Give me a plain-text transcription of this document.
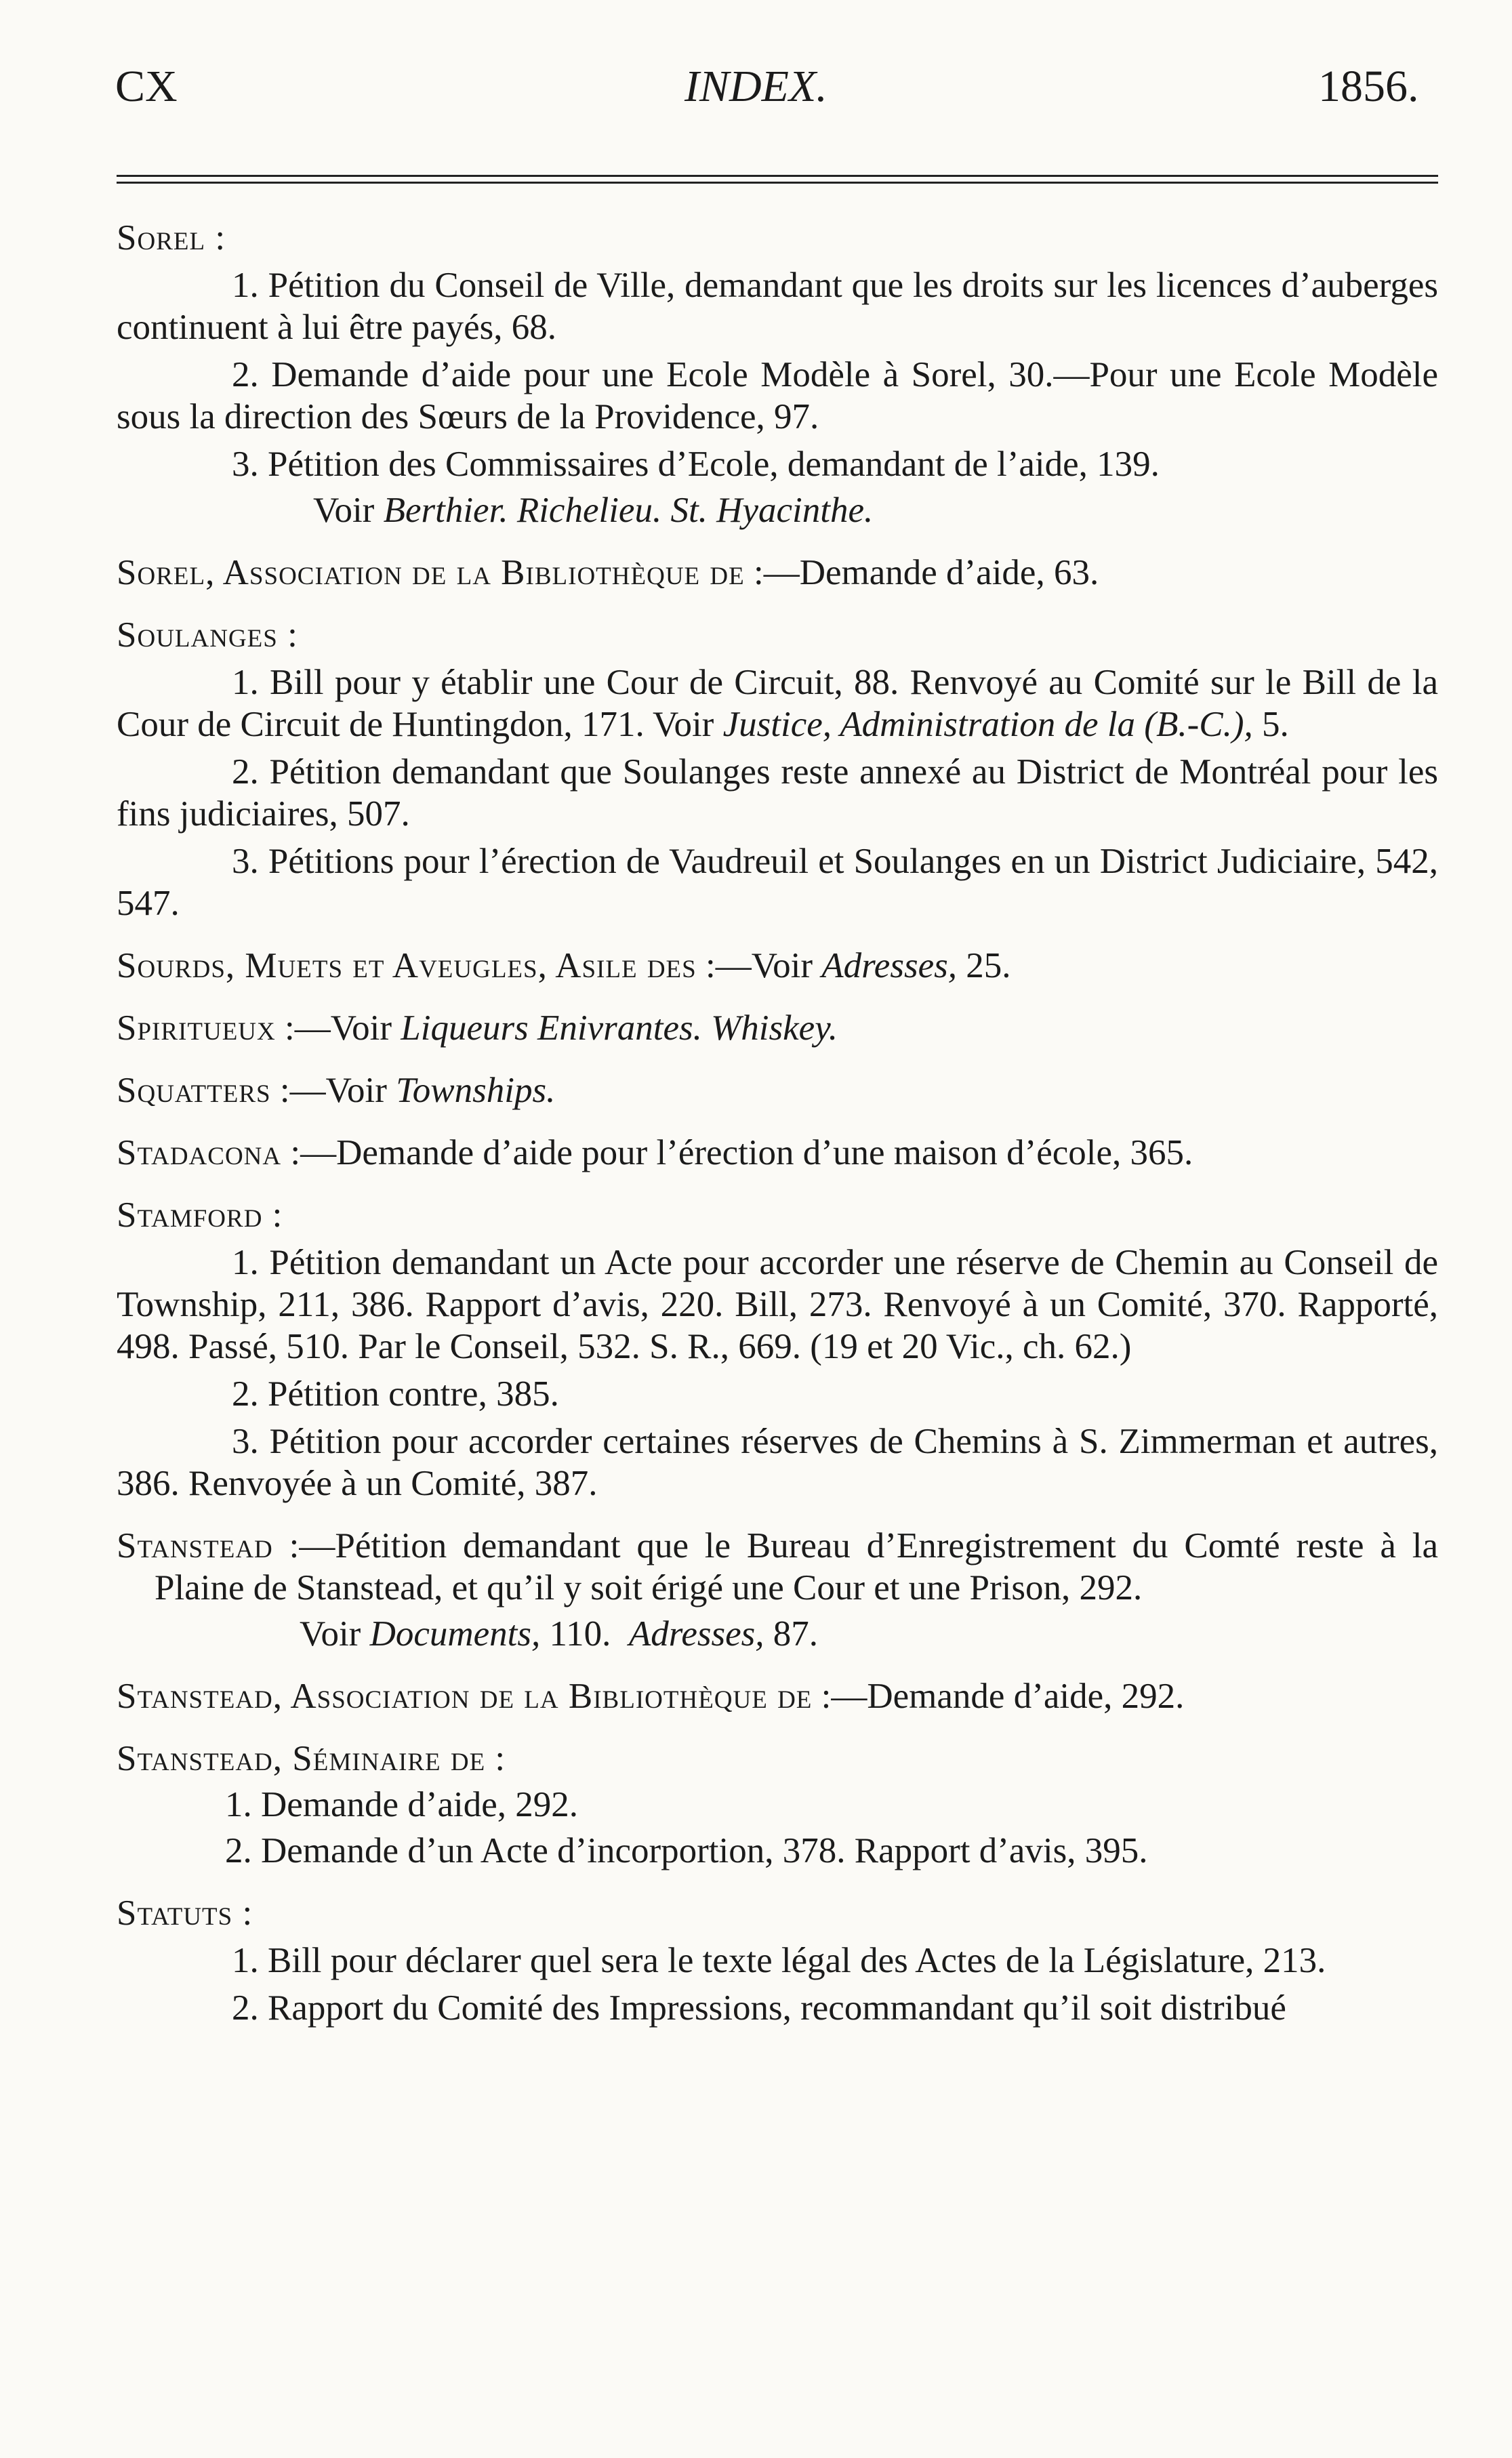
CX	INDEX.	1856.
Sorel :
1. Pétition du Conseil de Ville, demandant que les droits sur les licences d’auberges continuent à lui être payés, 68.
2. Demande d’aide pour une Ecole Modèle à Sorel, 30.—Pour une Ecole Modèle sous la direction des Sœurs de la Providence, 97.
3. Pétition des Commissaires d’Ecole, demandant de l’aide, 139.
Voir Berthier. Richelieu. St. Hyacinthe.
Sorel, Association de la Bibliothèque de :—Demande d’aide, 63.
Soulanges :
1. Bill pour y établir une Cour de Circuit, 88. Renvoyé au Comité sur le Bill de la Cour de Circuit de Huntingdon, 171. Voir Justice, Administration de la (B.-C.), 5.
2. Pétition demandant que Soulanges reste annexé au District de Montréal pour les fins judiciaires, 507.
3. Pétitions pour l’érection de Vaudreuil et Soulanges en un District Judiciaire, 542, 547.
Sourds, Muets et Aveugles, Asile des :—Voir Adresses, 25.
Spiritueux :—Voir Liqueurs Enivrantes. Whiskey.
Squatters :—Voir Townships.
Stadacona :—Demande d’aide pour l’érection d’une maison d’école, 365.
Stamford :
1. Pétition demandant un Acte pour accorder une réserve de Chemin au Conseil de Township, 211, 386. Rapport d’avis, 220. Bill, 273. Renvoyé à un Comité, 370. Rapporté, 498. Passé, 510. Par le Conseil, 532. S. R., 669. (19 et 20 Vic., ch. 62.)
2. Pétition contre, 385.
3. Pétition pour accorder certaines réserves de Chemins à S. Zimmerman et autres, 386. Renvoyée à un Comité, 387.
Stanstead :—Pétition demandant que le Bureau d’Enregistrement du Comté reste à la Plaine de Stanstead, et qu’il y soit érigé une Cour et une Prison, 292.
Voir Documents, 110. Adresses, 87.
Stanstead, Association de la Bibliothèque de :—Demande d’aide, 292.
Stanstead, Séminaire de :
1. Demande d’aide, 292.
2. Demande d’un Acte d’incorportion, 378. Rapport d’avis, 395.
Statuts :
1. Bill pour déclarer quel sera le texte légal des Actes de la Législature, 213.
2. Rapport du Comité des Impressions, recommandant qu’il soit distribué
